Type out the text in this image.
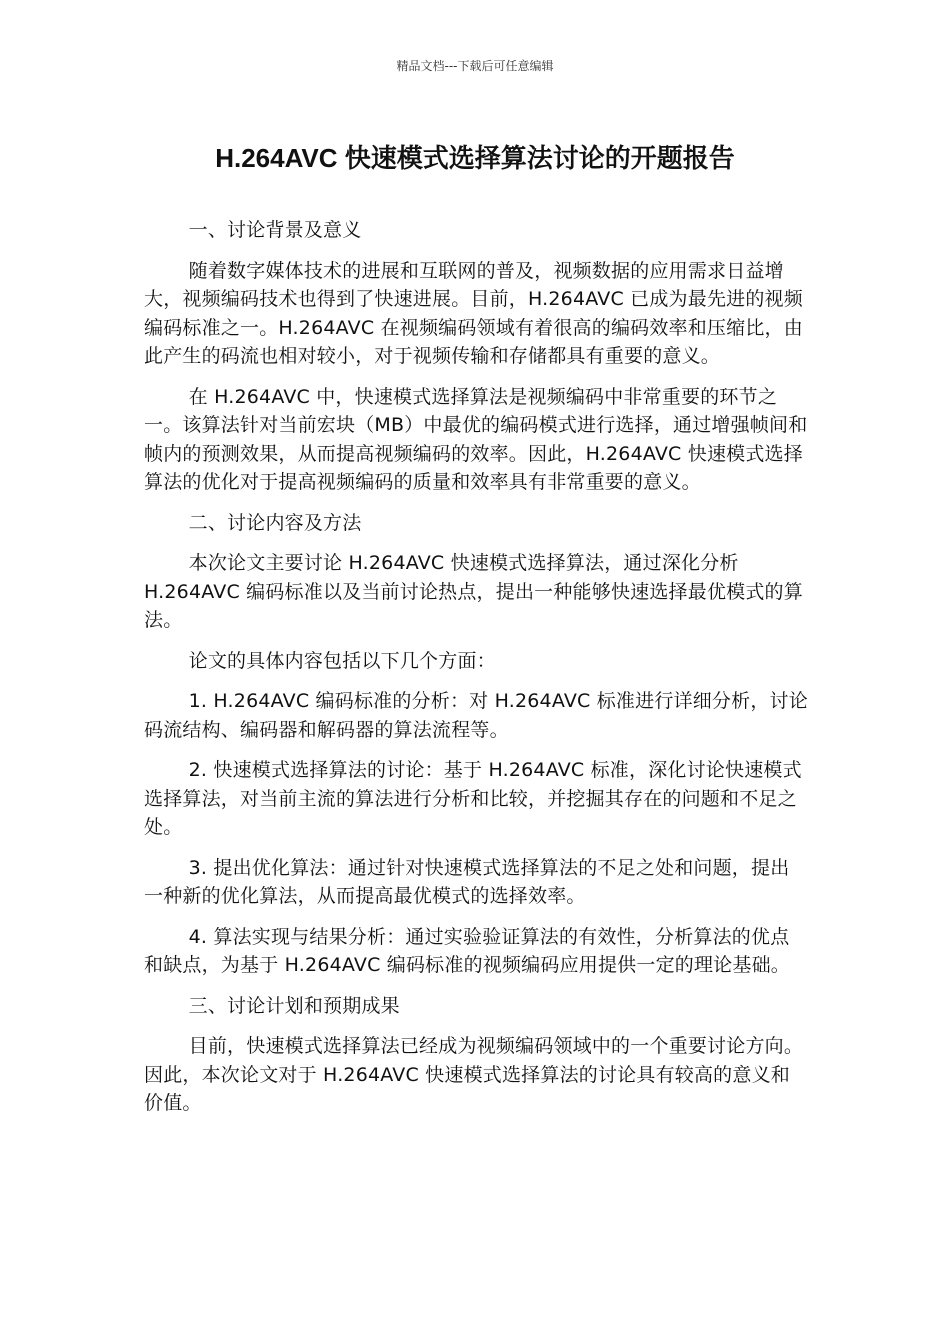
精品文档---下载后可任意编辑
H.264AVC 快速模式选择算法讨论的开题报告

一、讨论背景及意义

随着数字媒体技术的进展和互联网的普及，视频数据的应用需求日益增大，视频编码技术也得到了快速进展。目前，H.264AVC 已成为最先进的视频编码标准之一。H.264AVC 在视频编码领域有着很高的编码效率和压缩比，由此产生的码流也相对较小，对于视频传输和存储都具有重要的意义。

在 H.264AVC 中，快速模式选择算法是视频编码中非常重要的环节之一。该算法针对当前宏块（MB）中最优的编码模式进行选择，通过增强帧间和帧内的预测效果，从而提高视频编码的效率。因此，H.264AVC 快速模式选择算法的优化对于提高视频编码的质量和效率具有非常重要的意义。

二、讨论内容及方法

本次论文主要讨论 H.264AVC 快速模式选择算法，通过深化分析 H.264AVC 编码标准以及当前讨论热点，提出一种能够快速选择最优模式的算法。

论文的具体内容包括以下几个方面：

1. H.264AVC 编码标准的分析：对 H.264AVC 标准进行详细分析，讨论码流结构、编码器和解码器的算法流程等。

2. 快速模式选择算法的讨论：基于 H.264AVC 标准，深化讨论快速模式选择算法，对当前主流的算法进行分析和比较，并挖掘其存在的问题和不足之处。

3. 提出优化算法：通过针对快速模式选择算法的不足之处和问题，提出一种新的优化算法，从而提高最优模式的选择效率。

4. 算法实现与结果分析：通过实验验证算法的有效性，分析算法的优点和缺点，为基于 H.264AVC 编码标准的视频编码应用提供一定的理论基础。

三、讨论计划和预期成果

目前，快速模式选择算法已经成为视频编码领域中的一个重要讨论方向。因此，本次论文对于 H.264AVC 快速模式选择算法的讨论具有较高的意义和价值。
